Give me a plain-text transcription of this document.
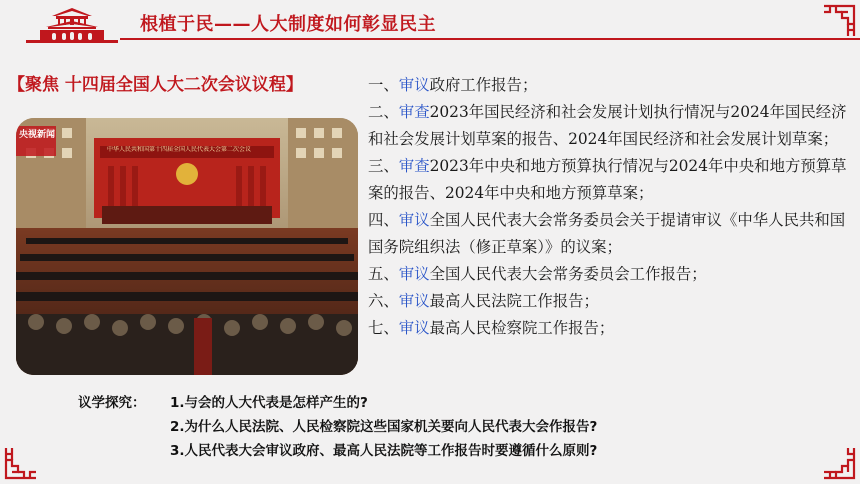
根植于民——人大制度如何彰显民主
【聚焦 十四届全国人大二次会议议程】
中华人民共和国第十四届全国人民代表大会第二次会议
央视新闻
一、审议政府工作报告；
二、审查2023年国民经济和社会发展计划执行情况与2024年国民经济和社会发展计划草案的报告、2024年国民经济和社会发展计划草案；
三、审查2023年中央和地方预算执行情况与2024年中央和地方预算草案的报告、2024年中央和地方预算草案；
四、审议全国人民代表大会常务委员会关于提请审议《中华人民共和国国务院组织法（修正草案）》的议案；
五、审议全国人民代表大会常务委员会工作报告；
六、审议最高人民法院工作报告；
七、审议最高人民检察院工作报告；
议学探究： 1.与会的人大代表是怎样产生的?
2.为什么人民法院、人民检察院这些国家机关要向人民代表大会作报告?
3.人民代表大会审议政府、最高人民法院等工作报告时要遵循什么原则?
